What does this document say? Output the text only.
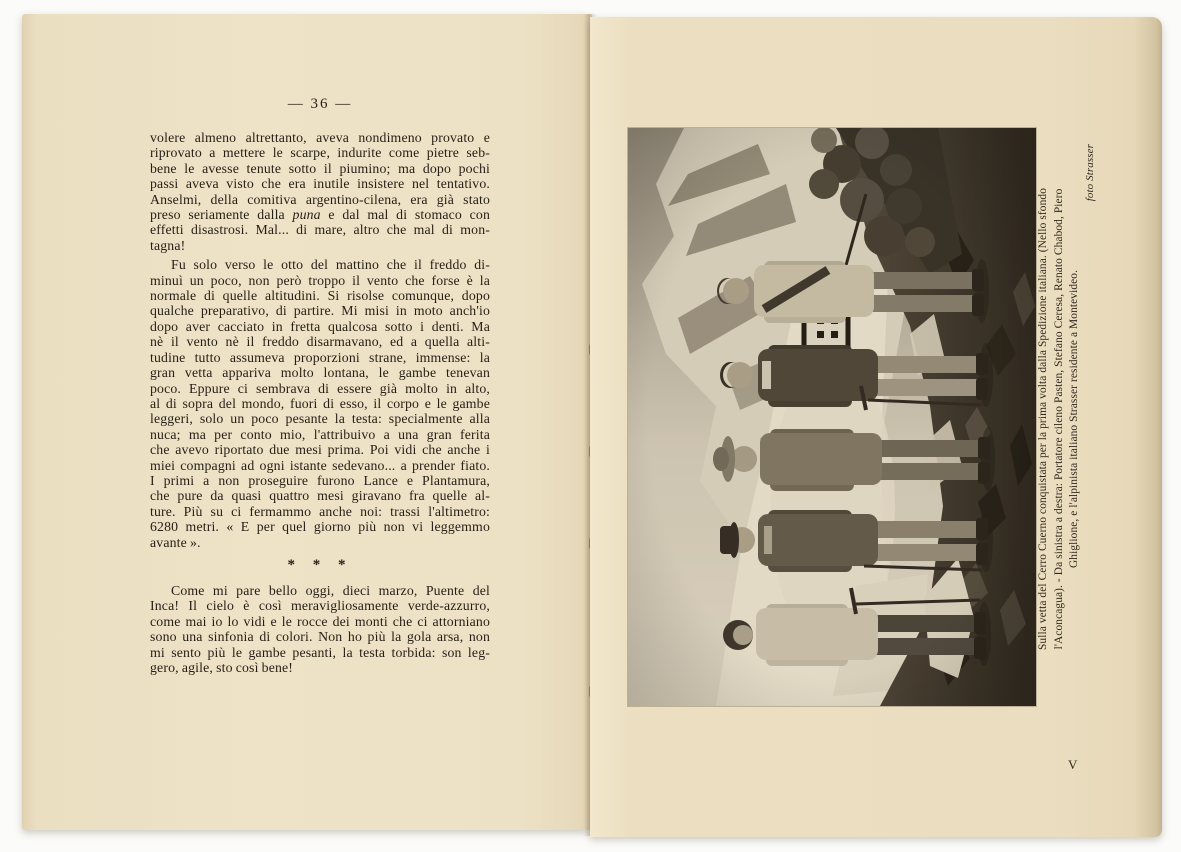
— 36 —
volere almeno altrettanto, aveva nondimeno provato e
riprovato a mettere le scarpe, indurite come pietre seb-
bene le avesse tenute sotto il piumino; ma dopo pochi
passi aveva visto che era inutile insistere nel tentativo.
Anselmi, della comitiva argentino-cilena, era già stato
preso seriamente dalla puna e dal mal di stomaco con
effetti disastrosi. Mal... di mare, altro che mal di mon-
tagna!
Fu solo verso le otto del mattino che il freddo di-
minuì un poco, non però troppo il vento che forse è la
normale di quelle altitudini. Si risolse comunque, dopo
qualche preparativo, di partire. Mi misi in moto anch'io
dopo aver cacciato in fretta qualcosa sotto i denti. Ma
nè il vento nè il freddo disarmavano, ed a quella alti-
tudine tutto assumeva proporzioni strane, immense: la
gran vetta appariva molto lontana, le gambe tenevan
poco. Eppure ci sembrava di essere già molto in alto,
al di sopra del mondo, fuori di esso, il corpo e le gambe
leggeri, solo un poco pesante la testa: specialmente alla
nuca; ma per conto mio, l'attribuivo a una gran ferita
che avevo riportato due mesi prima. Poi vidi che anche i
miei compagni ad ogni istante sedevano... a prender fiato.
I primi a non proseguire furono Lance e Plantamura,
che pure da quasi quattro mesi giravano fra quelle al-
ture. Più su ci fermammo anche noi: trassi l'altimetro:
6280 metri. « E per quel giorno più non vi leggemmo
avante ».
* * *
Come mi pare bello oggi, dieci marzo, Puente del
Inca! Il cielo è così meravigliosamente verde-azzurro,
come mai io lo vidi e le rocce dei monti che ci attorniano
sono una sinfonia di colori. Non ho più la gola arsa, non
mi sento più le gambe pesanti, la testa torbida: son leg-
gero, agile, sto così bene!
Sulla vetta del Cerro Cuerno conquistata per la prima volta dalla Spedizione italiana. (Nello sfondo l'Aconcagua). - Da sinistra a destra: Portatore cileno Pasten, Stefano Ceresa, Renato Chabod, Piero Ghiglione, e l'alpinista italiano Strasser residente a Montevideo.
foto Strasser
V
